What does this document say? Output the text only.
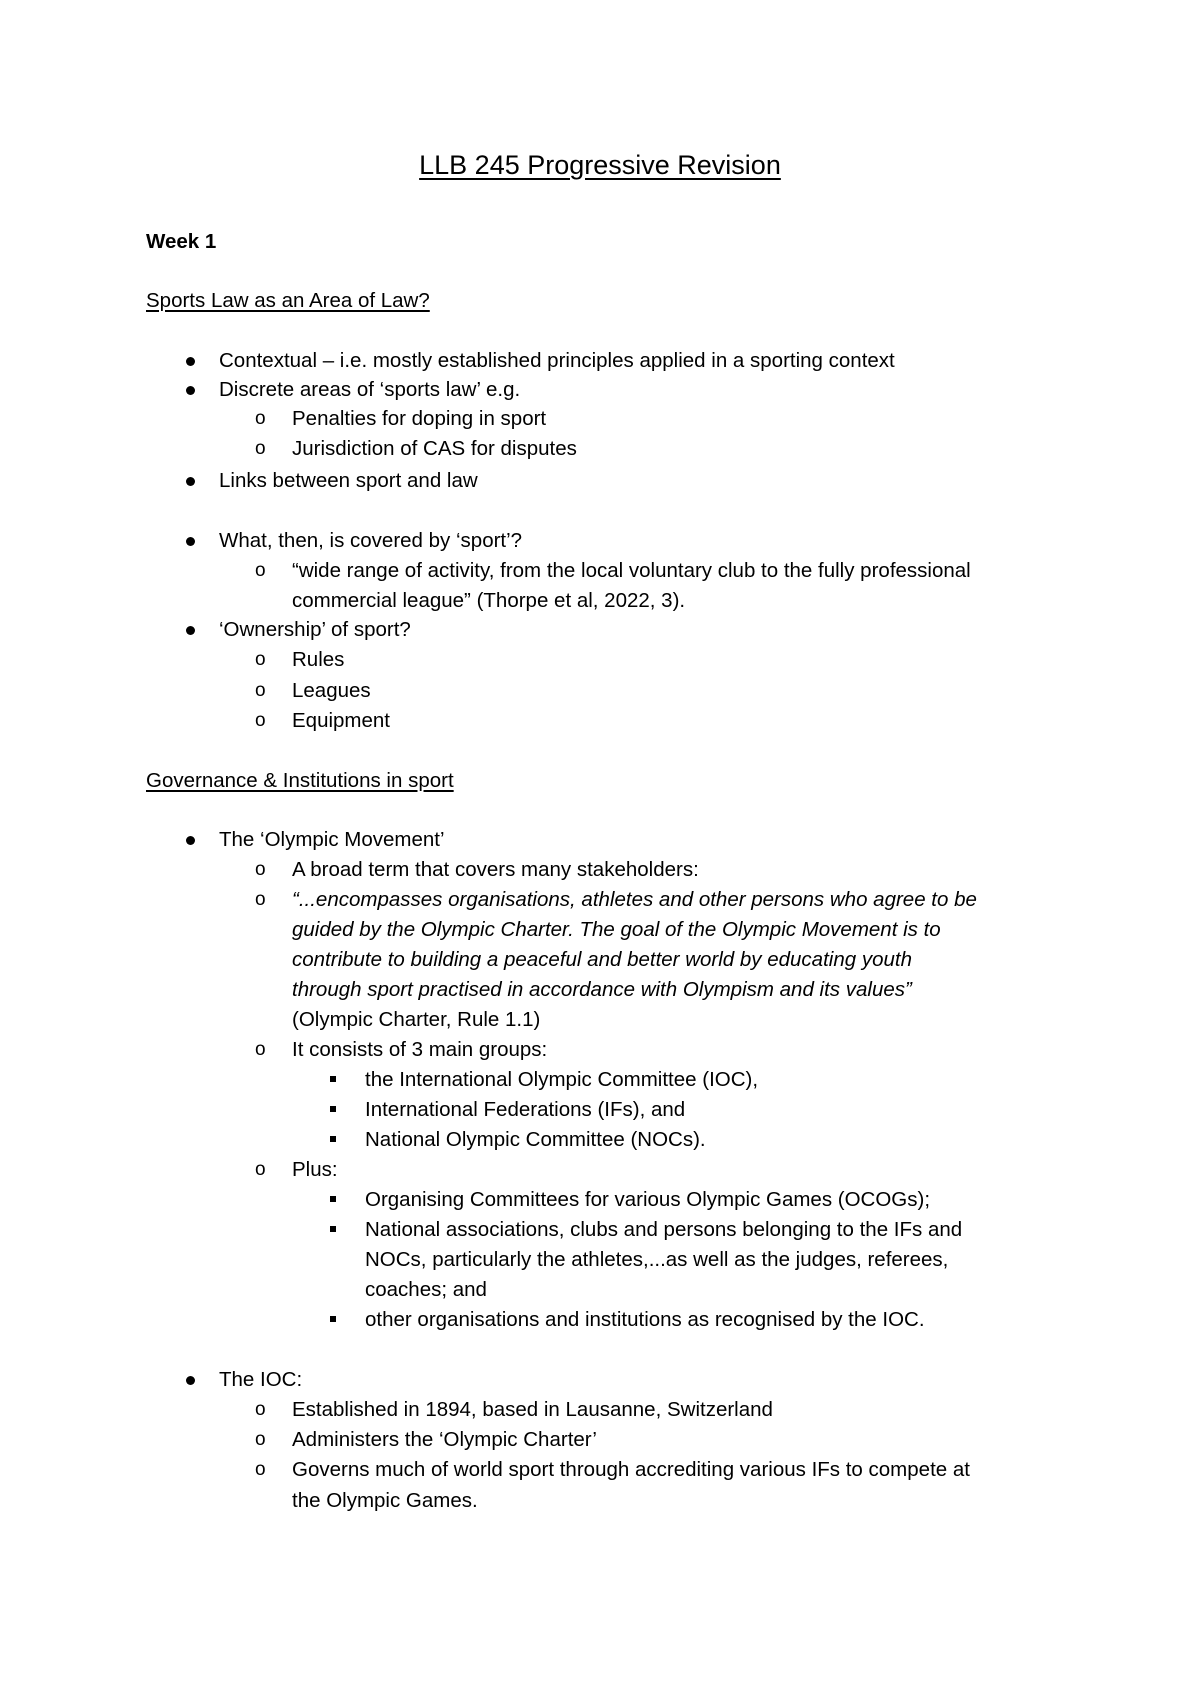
LLB 245 Progressive Revision
Week 1
Sports Law as an Area of Law?
Contextual – i.e. mostly established principles applied in a sporting context
Discrete areas of ‘sports law’ e.g.
o Penalties for doping in sport
o Jurisdiction of CAS for disputes
Links between sport and law
What, then, is covered by ‘sport’?
o “wide range of activity, from the local voluntary club to the fully professional
commercial league” (Thorpe et al, 2022, 3).
‘Ownership’ of sport?
o Rules
o Leagues
o Equipment
Governance & Institutions in sport
The ‘Olympic Movement’
o A broad term that covers many stakeholders:
o “...encompasses organisations, athletes and other persons who agree to be
guided by the Olympic Charter. The goal of the Olympic Movement is to
contribute to building a peaceful and better world by educating youth
through sport practised in accordance with Olympism and its values”
(Olympic Charter, Rule 1.1)
o It consists of 3 main groups:
the International Olympic Committee (IOC),
International Federations (IFs), and
National Olympic Committee (NOCs).
o Plus:
Organising Committees for various Olympic Games (OCOGs);
National associations, clubs and persons belonging to the IFs and
NOCs, particularly the athletes,...as well as the judges, referees,
coaches; and
other organisations and institutions as recognised by the IOC.
The IOC:
o Established in 1894, based in Lausanne, Switzerland
o Administers the ‘Olympic Charter’
o Governs much of world sport through accrediting various IFs to compete at
the Olympic Games.
